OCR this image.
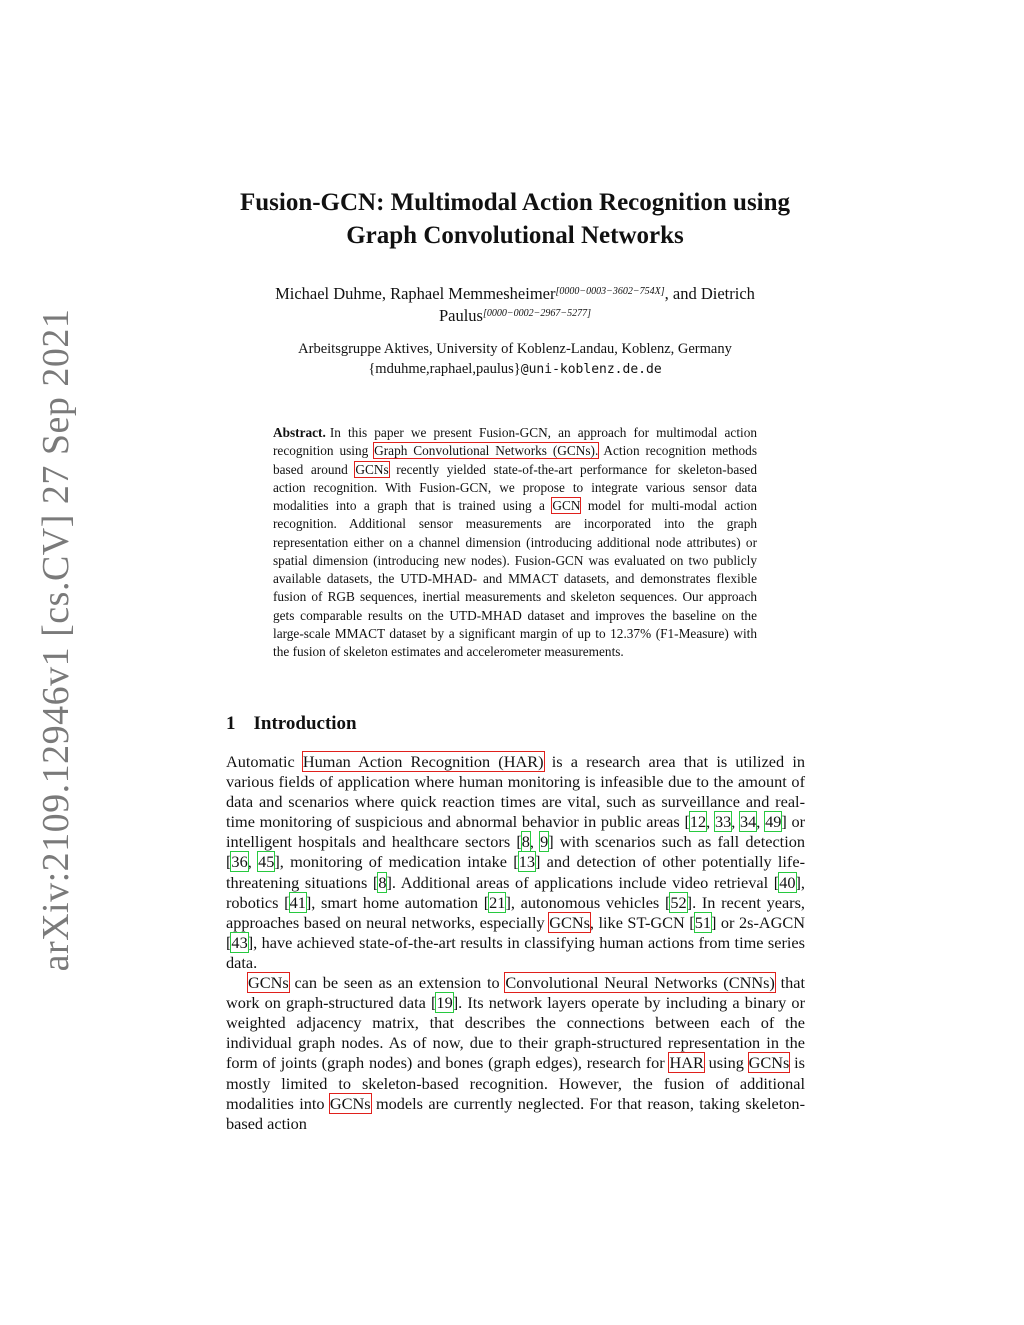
arXiv:2109.12946v1 [cs.CV] 27 Sep 2021
Fusion-GCN: Multimodal Action Recognition using
Graph Convolutional Networks
Michael Duhme, Raphael Memmesheimer[0000−0003−3602−754X], and Dietrich
Paulus[0000−0002−2967−5277]
Arbeitsgruppe Aktives, University of Koblenz-Landau, Koblenz, Germany
{mduhme,raphael,paulus}@uni-koblenz.de.de
Abstract. In this paper we present Fusion-GCN, an approach for multimodal action recognition using Graph Convolutional Networks (GCNs). Action recognition methods based around GCNs recently yielded state-of-the-art performance for skeleton-based action recognition. With Fusion-GCN, we propose to integrate various sensor data modalities into a graph that is trained using a GCN model for multi-modal action recognition. Additional sensor measurements are incorporated into the graph representation either on a channel dimension (introducing additional node attributes) or spatial dimension (introducing new nodes). Fusion-GCN was evaluated on two publicly available datasets, the UTD-MHAD- and MMACT datasets, and demonstrates flexible fusion of RGB sequences, inertial measurements and skeleton sequences. Our approach gets comparable results on the UTD-MHAD dataset and improves the baseline on the large-scale MMACT dataset by a significant margin of up to 12.37% (F1-Measure) with the fusion of skeleton estimates and accelerometer measurements.
1 Introduction

Automatic Human Action Recognition (HAR) is a research area that is utilized in various fields of application where human monitoring is infeasible due to the amount of data and scenarios where quick reaction times are vital, such as surveillance and real-time monitoring of suspicious and abnormal behavior in public areas [12, 33, 34, 49] or intelligent hospitals and healthcare sectors [8, 9] with scenarios such as fall detection [36, 45], monitoring of medication intake [13] and detection of other potentially life-threatening situations [8]. Additional areas of applications include video retrieval [40], robotics [41], smart home automation [21], autonomous vehicles [52]. In recent years, approaches based on neural networks, especially GCNs, like ST-GCN [51] or 2s-AGCN [43], have achieved state-of-the-art results in classifying human actions from time series data.

GCNs can be seen as an extension to Convolutional Neural Networks (CNNs) that work on graph-structured data [19]. Its network layers operate by including a binary or weighted adjacency matrix, that describes the connections between each of the individual graph nodes. As of now, due to their graph-structured representation in the form of joints (graph nodes) and bones (graph edges), research for HAR using GCNs is mostly limited to skeleton-based recognition. However, the fusion of additional modalities into GCNs models are currently neglected. For that reason, taking skeleton-based action
